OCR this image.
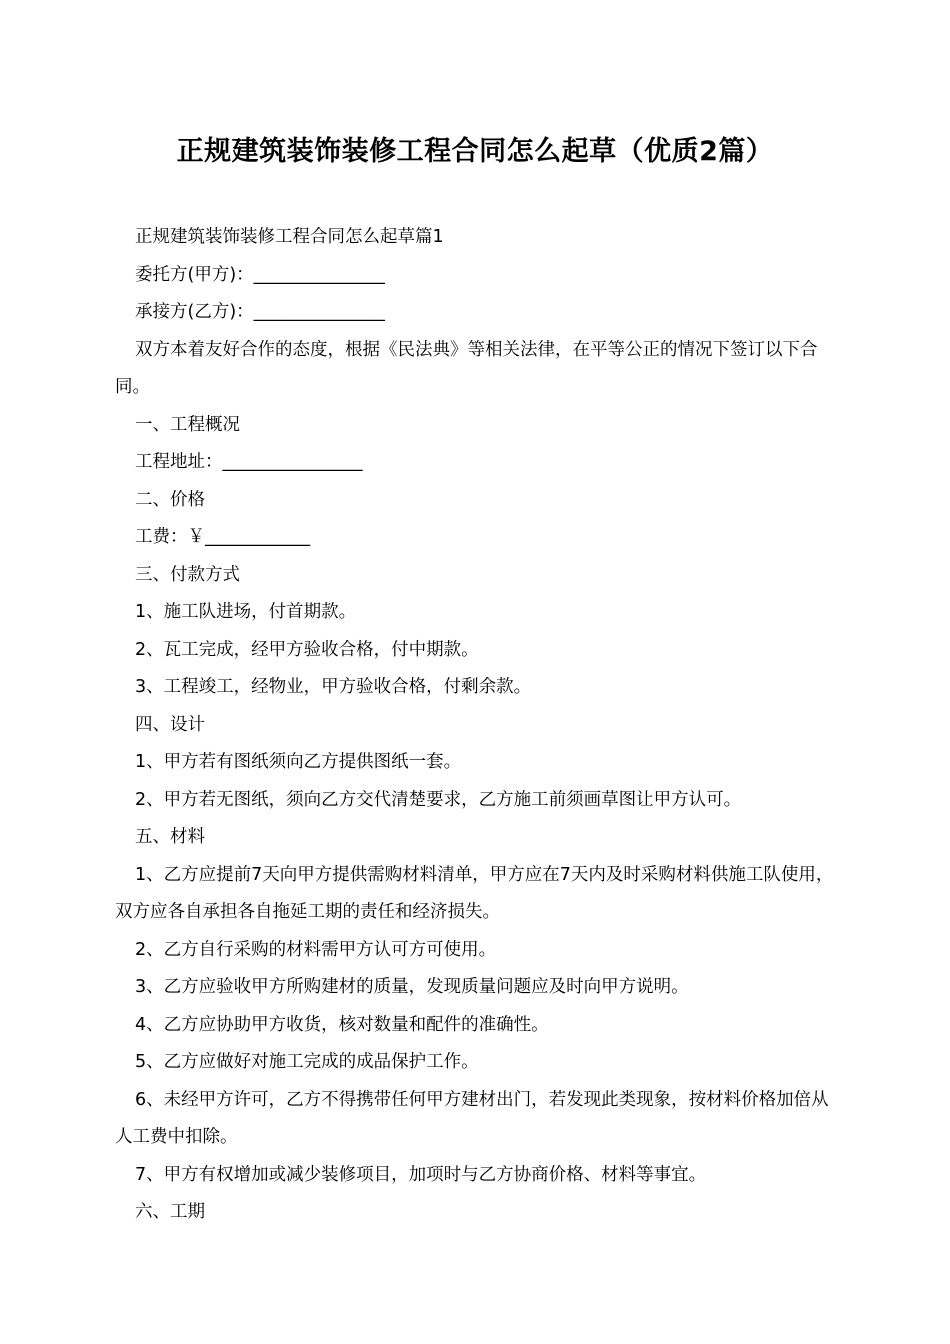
正规建筑装饰装修工程合同怎么起草（优质2篇）

正规建筑装饰装修工程合同怎么起草篇1

委托方(甲方)：_______________

承接方(乙方)：_______________

双方本着友好合作的态度，根据《民法典》等相关法律，在平等公正的情况下签订以下合同。

一、工程概况

工程地址：________________

二、价格

工费：￥____________

三、付款方式

1、施工队进场，付首期款。

2、瓦工完成，经甲方验收合格，付中期款。

3、工程竣工，经物业，甲方验收合格，付剩余款。

四、设计

1、甲方若有图纸须向乙方提供图纸一套。

2、甲方若无图纸，须向乙方交代清楚要求，乙方施工前须画草图让甲方认可。

五、材料

1、乙方应提前7天向甲方提供需购材料清单，甲方应在7天内及时采购材料供施工队使用，双方应各自承担各自拖延工期的责任和经济损失。

2、乙方自行采购的材料需甲方认可方可使用。

3、乙方应验收甲方所购建材的质量，发现质量问题应及时向甲方说明。

4、乙方应协助甲方收货，核对数量和配件的准确性。

5、乙方应做好对施工完成的成品保护工作。

6、未经甲方许可，乙方不得携带任何甲方建材出门，若发现此类现象，按材料价格加倍从人工费中扣除。

7、甲方有权增加或减少装修项目，加项时与乙方协商价格、材料等事宜。

六、工期
